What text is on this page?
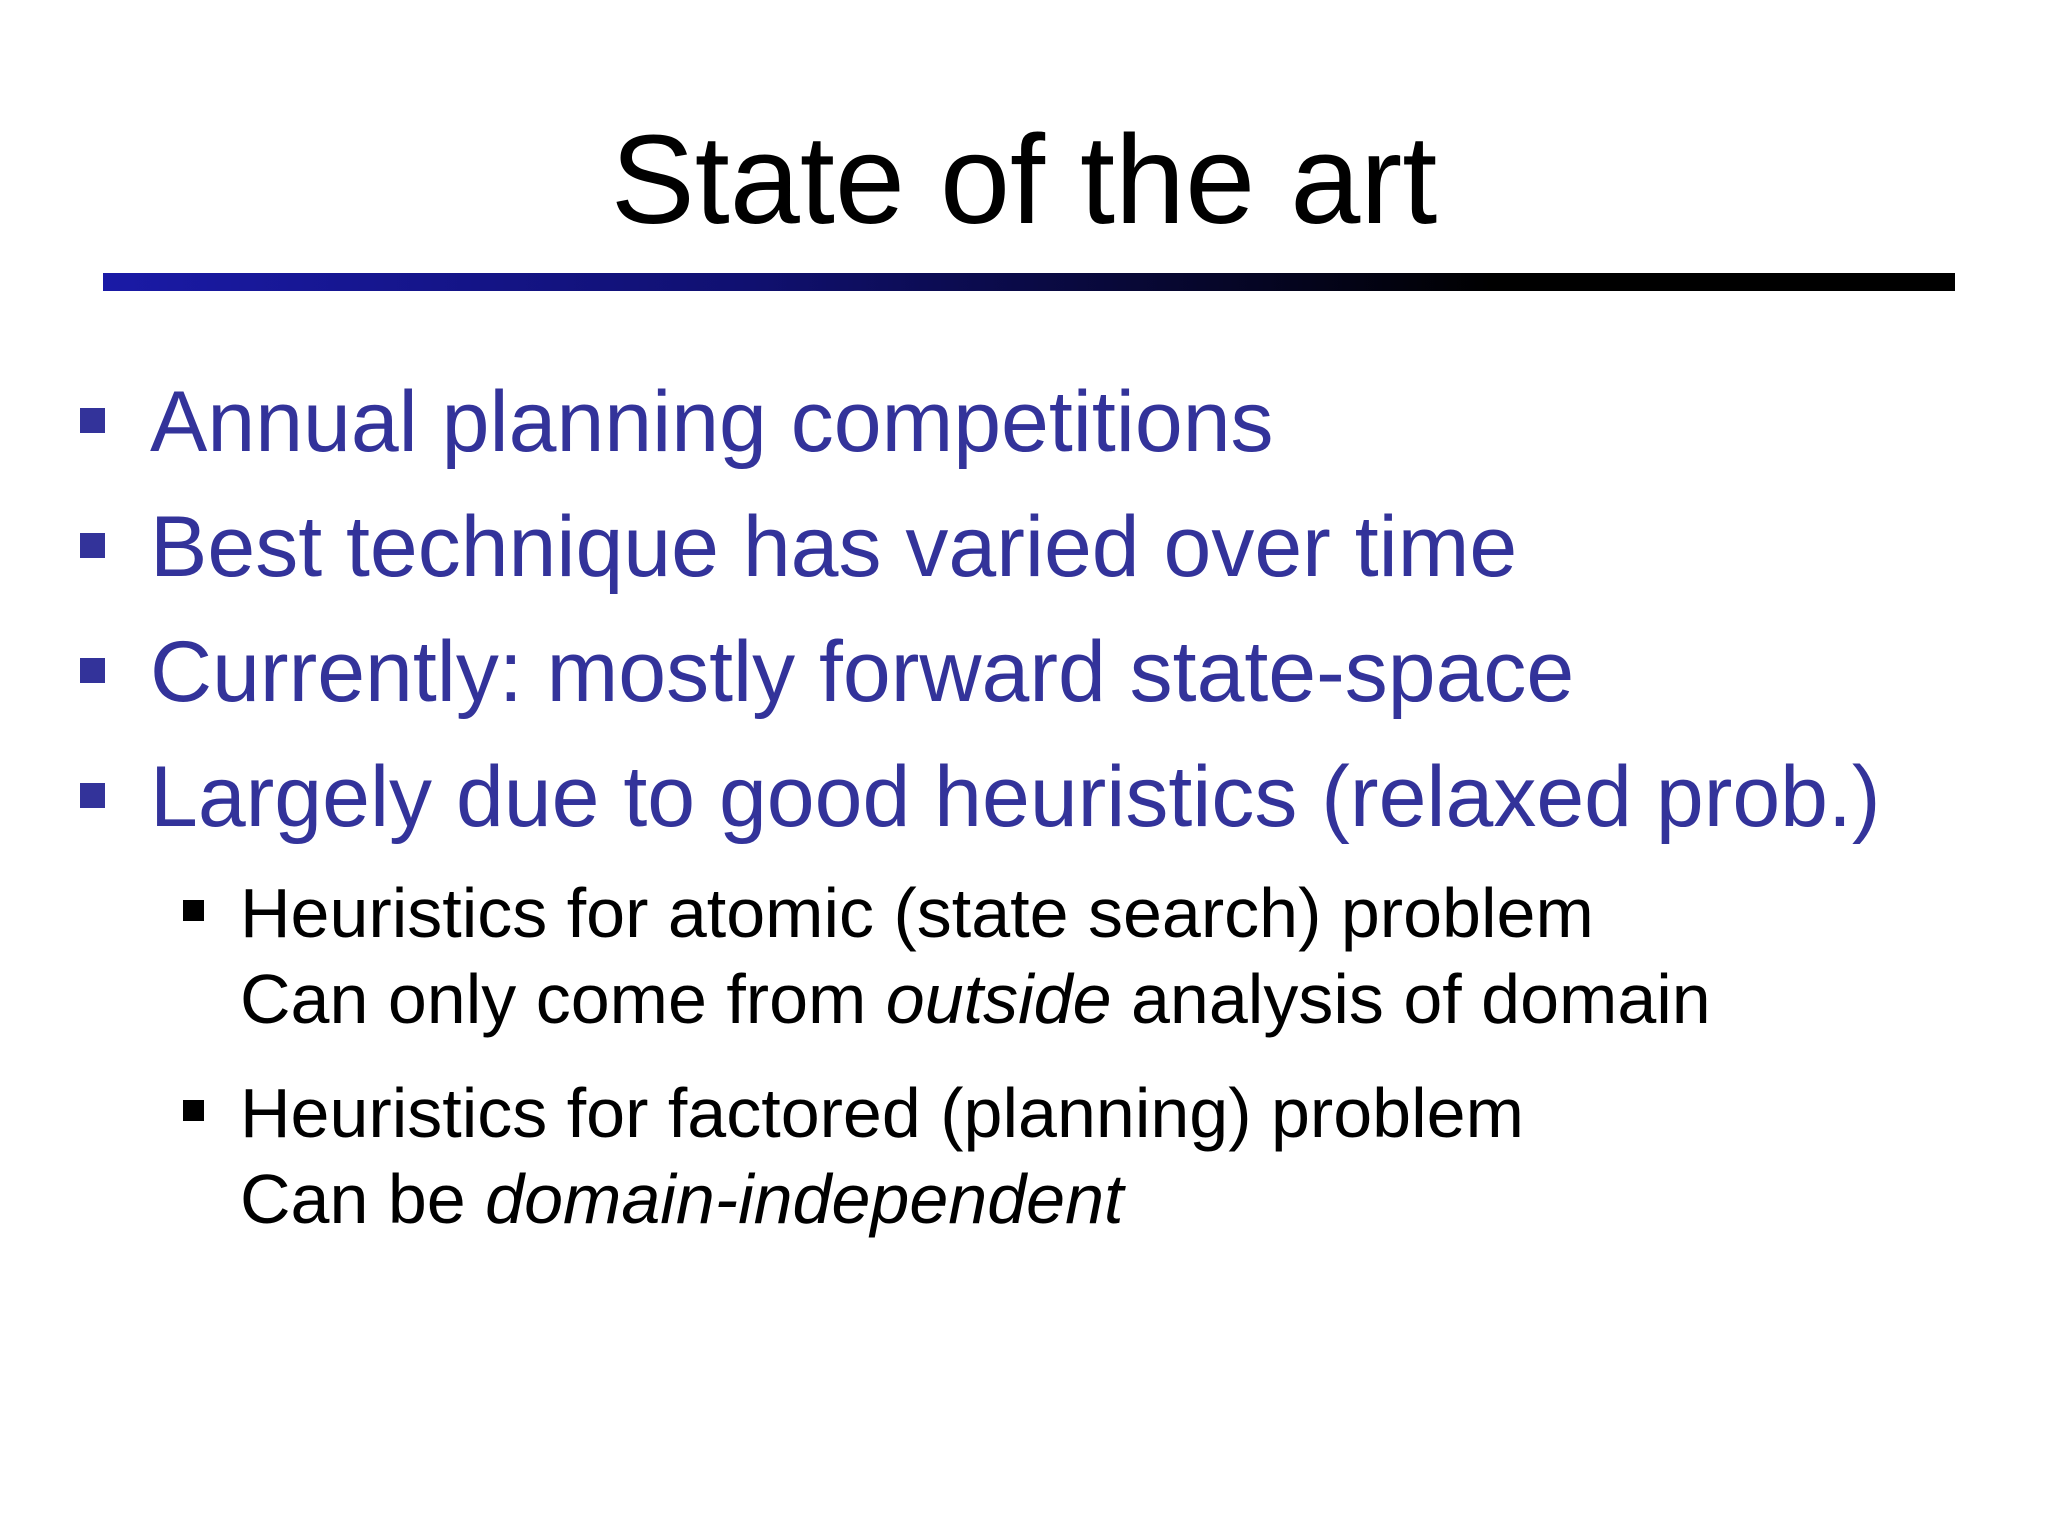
State of the art
Annual planning competitions
Best technique has varied over time
Currently: mostly forward state-space
Largely due to good heuristics (relaxed prob.)
Heuristics for atomic (state search) problem
Can only come from outside analysis of domain
Heuristics for factored (planning) problem
Can be domain-independent
